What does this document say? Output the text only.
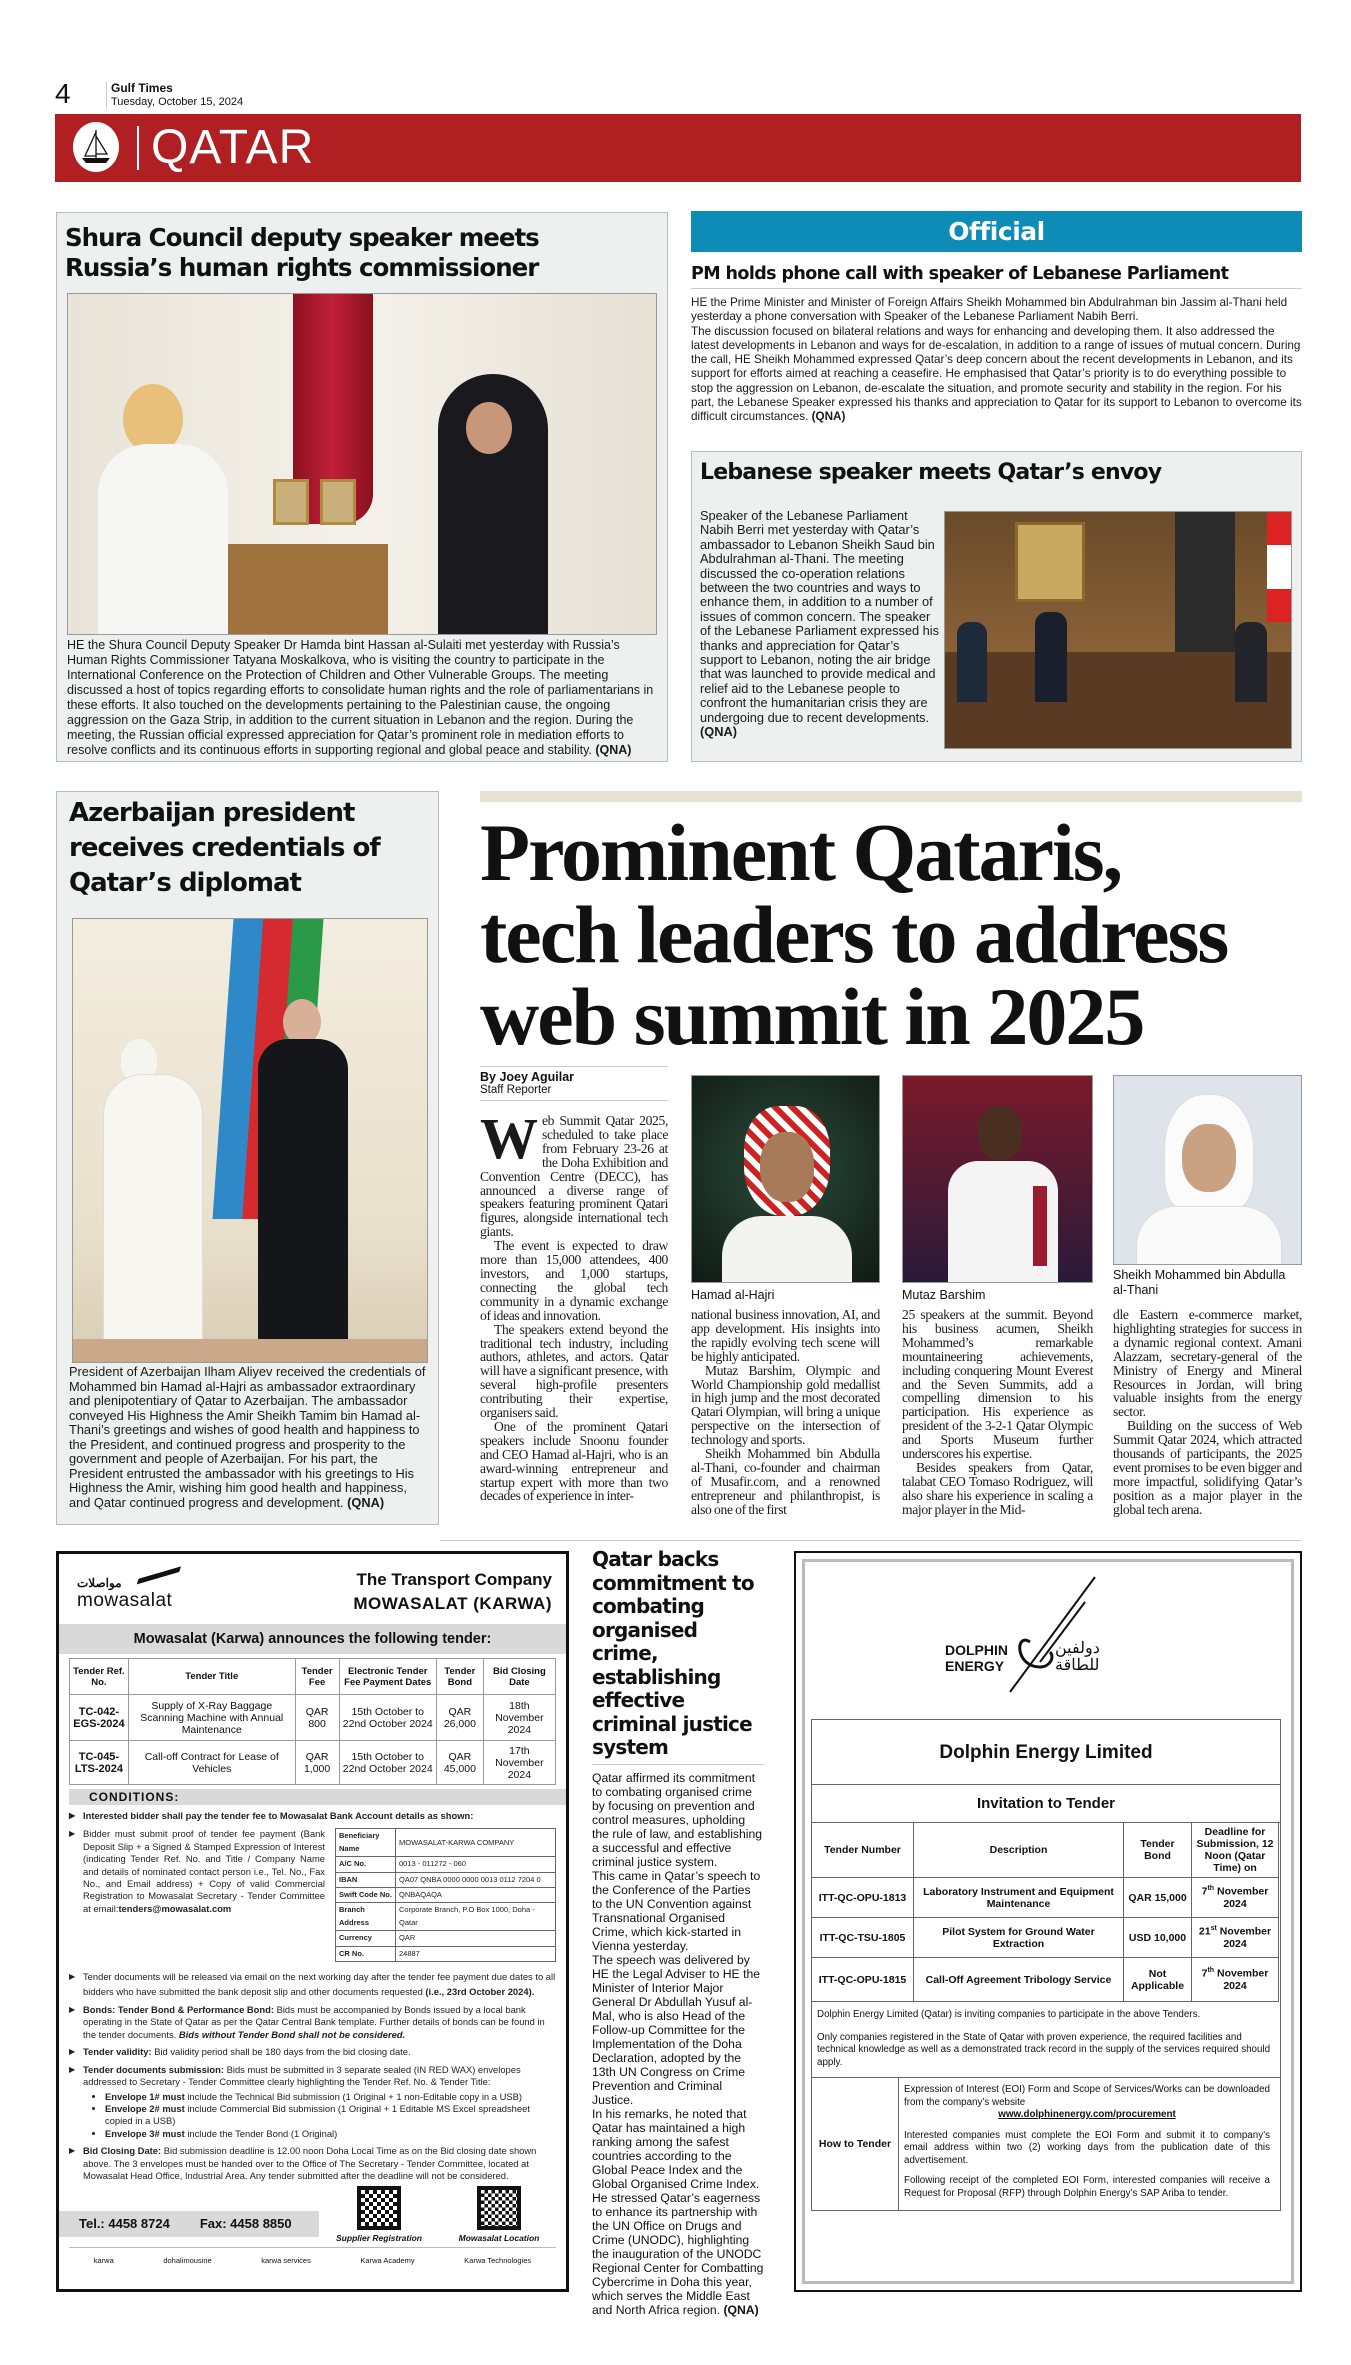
4	Gulf Times
Tuesday, October 15, 2024
QATAR
Shura Council deputy speaker meets
Russia’s human rights commissioner
HE the Shura Council Deputy Speaker Dr Hamda bint Hassan al-Sulaiti met yesterday with Russia’s Human Rights Commissioner Tatyana Moskalkova, who is visiting the country to participate in the International Conference on the Protection of Children and Other Vulnerable Groups. The meeting discussed a host of topics regarding efforts to consolidate human rights and the role of parliamentarians in these efforts. It also touched on the developments pertaining to the Palestinian cause, the ongoing aggression on the Gaza Strip, in addition to the current situation in Lebanon and the region. During the meeting, the Russian official expressed appreciation for Qatar’s prominent role in mediation efforts to resolve conflicts and its continuous efforts in supporting regional and global peace and stability. (QNA)
Official
PM holds phone call with speaker of Lebanese Parliament
HE the Prime Minister and Minister of Foreign Affairs Sheikh Mohammed bin Abdulrahman bin Jassim al-Thani held yesterday a phone conversation with Speaker of the Lebanese Parliament Nabih Berri.
The discussion focused on bilateral relations and ways for enhancing and developing them. It also addressed the latest developments in Lebanon and ways for de-escalation, in addition to a range of issues of mutual concern. During the call, HE Sheikh Mohammed expressed Qatar’s deep concern about the recent developments in Lebanon, and its support for efforts aimed at reaching a ceasefire. He emphasised that Qatar’s priority is to do everything possible to stop the aggression on Lebanon, de-escalate the situation, and promote security and stability in the region. For his part, the Lebanese Speaker expressed his thanks and appreciation to Qatar for its support to Lebanon to overcome its difficult circumstances. (QNA)
Lebanese speaker meets Qatar’s envoy
Speaker of the Lebanese Parliament Nabih Berri met yesterday with Qatar’s ambassador to Lebanon Sheikh Saud bin Abdulrahman al-Thani. The meeting discussed the co-operation relations between the two countries and ways to enhance them, in addition to a number of issues of common concern. The speaker of the Lebanese Parliament expressed his thanks and appreciation for Qatar’s support to Lebanon, noting the air bridge that was launched to provide medical and relief aid to the Lebanese people to confront the humanitarian crisis they are undergoing due to recent developments. (QNA)
Azerbaijan president receives credentials of Qatar’s diplomat
President of Azerbaijan Ilham Aliyev received the credentials of Mohammed bin Hamad al-Hajri as ambassador extraordinary and plenipotentiary of Qatar to Azerbaijan. The ambassador conveyed His Highness the Amir Sheikh Tamim bin Hamad al-Thani’s greetings and wishes of good health and happiness to the President, and continued progress and prosperity to the government and people of Azerbaijan. For his part, the President entrusted the ambassador with his greetings to His Highness the Amir, wishing him good health and happiness, and Qatar continued progress and development. (QNA)
Prominent Qataris, tech leaders to address web summit in 2025
By Joey Aguilar
Staff Reporter

Web Summit Qatar 2025, scheduled to take place from February 23-26 at the Doha Exhibition and Convention Centre (DECC), has announced a diverse range of speakers featuring prominent Qatari figures, alongside international tech giants.

The event is expected to draw more than 15,000 attendees, 400 investors, and 1,000 startups, connecting the global tech community in a dynamic exchange of ideas and innovation.

The speakers extend beyond the traditional tech industry, including authors, athletes, and actors. Qatar will have a significant presence, with several high-profile presenters contributing their expertise, organisers said.

One of the prominent Qatari speakers include Snoonu founder and CEO Hamad al-Hajri, who is an award-winning entrepreneur and startup expert with more than two decades of experience in inter-

Hamad al-Hajri	Mutaz Barshim
Sheikh Mohammed bin Abdulla al-Thani

national business innovation, AI, and app development. His insights into the rapidly evolving tech scene will be highly anticipated.

Mutaz Barshim, Olympic and World Championship gold medallist in high jump and the most decorated Qatari Olympian, will bring a unique perspective on the intersection of technology and sports.

Sheikh Mohammed bin Abdulla al-Thani, co-founder and chairman of Musafir.com, and a renowned entrepreneur and philanthropist, is also one of the first

25 speakers at the summit. Beyond his business acumen, Sheikh Mohammed’s remarkable mountaineering achievements, including conquering Mount Everest and the Seven Summits, add a compelling dimension to his participation. His experience as president of the 3-2-1 Qatar Olympic and Sports Museum further underscores his expertise.

Besides speakers from Qatar, talabat CEO Tomaso Rodriguez, will also share his experience in scaling a major player in the Mid-

dle Eastern e-commerce market, highlighting strategies for success in a dynamic regional context. Amani Alazzam, secretary-general of the Ministry of Energy and Mineral Resources in Jordan, will bring valuable insights from the energy sector.

Building on the success of Web Summit Qatar 2024, which attracted thousands of participants, the 2025 event promises to be even bigger and more impactful, solidifying Qatar’s position as a major player in the global tech arena.

مواصلات
mowasalat
The Transport Company
MOWASALAT (KARWA)
Mowasalat (Karwa) announces the following tender:
Tender Ref. No.	Tender Title	Tender Fee	Electronic Tender Fee Payment Dates	Tender Bond	Bid Closing Date
TC-042-EGS-2024	Supply of X-Ray Baggage Scanning Machine with Annual Maintenance	QAR 800	15th October to 22nd October 2024	QAR 26,000	18th November 2024
TC-045-LTS-2024	Call-off Contract for Lease of Vehicles	QAR 1,000	15th October to 22nd October 2024	QAR 45,000	17th November 2024
CONDITIONS:
▶ Interested bidder shall pay the tender fee to Mowasalat Bank Account details as shown:
▶ Bidder must submit proof of tender fee payment (Bank Deposit Slip + a Signed & Stamped Expression of Interest (indicating Tender Ref. No. and Title / Company Name and details of nominated contact person i.e., Tel. No., Fax No., and Email address) + Copy of valid Commercial Registration to Mowasalat Secretary - Tender Committee at email:tenders@mowasalat.com
Beneficiary Name	MOWASALAT-KARWA COMPANY
A/C No.	0013 - 011272 - 060
IBAN	QA07 QNBA 0000 0000 0013 0112 7204 0
Swift Code No.	QNBAQAQA
Branch Address	Corporate Branch, P.O Box 1000, Doha - Qatar
Currency	QAR
CR No.	24887
▶ Tender documents will be released via email on the next working day after the tender fee payment due dates to all bidders who have submitted the bank deposit slip and other documents requested (i.e., 23rd October 2024).
▶ Bonds: Tender Bond & Performance Bond: Bids must be accompanied by Bonds issued by a local bank operating in the State of Qatar as per the Qatar Central Bank template. Further details of bonds can be found in the tender documents. Bids without Tender Bond shall not be considered.
▶ Tender validity: Bid validity period shall be 180 days from the bid closing date.
▶ Tender documents submission: Bids must be submitted in 3 separate sealed (IN RED WAX) envelopes addressed to Secretary - Tender Committee clearly highlighting the Tender Ref. No. & Tender Title:
• Envelope 1# must include the Technical Bid submission (1 Original + 1 non-Editable copy in a USB)
• Envelope 2# must include Commercial Bid submission (1 Original + 1 Editable MS Excel spreadsheet copied in a USB)
• Envelope 3# must include the Tender Bond (1 Original)
▶ Bid Closing Date: Bid submission deadline is 12.00 noon Doha Local Time as on the Bid closing date shown above. The 3 envelopes must be handed over to the Office of The Secretary - Tender Committee, located at Mowasalat Head Office, Industrial Area. Any tender submitted after the deadline will not be considered.
Tel.: 4458 8724 Fax: 4458 8850
Supplier Registration	Mowasalat Location
karwa	dohalimousine	karwa services	Karwa Academy	Karwa Technologies
Qatar backs commitment to combating organised crime, establishing effective criminal justice system
Qatar affirmed its commitment to combating organised crime by focusing on prevention and control measures, upholding the rule of law, and establishing a successful and effective criminal justice system.
This came in Qatar’s speech to the Conference of the Parties to the UN Convention against Transnational Organised Crime, which kick-started in Vienna yesterday.
The speech was delivered by HE the Legal Adviser to HE the Minister of Interior Major General Dr Abdullah Yusuf al-Mal, who is also Head of the Follow-up Committee for the Implementation of the Doha Declaration, adopted by the 13th UN Congress on Crime Prevention and Criminal Justice.
In his remarks, he noted that Qatar has maintained a high ranking among the safest countries according to the Global Peace Index and the Global Organised Crime Index.
He stressed Qatar’s eagerness to enhance its partnership with the UN Office on Drugs and Crime (UNODC), highlighting the inauguration of the UNODC Regional Center for Combatting Cybercrime in Doha this year, which serves the Middle East and North Africa region. (QNA)
DOLPHIN
ENERGY
دولفين
للطاقة
Dolphin Energy Limited
Invitation to Tender
Tender Number	Description	Tender Bond	Deadline for Submission, 12 Noon (Qatar Time) on
ITT-QC-OPU-1813	Laboratory Instrument and Equipment Maintenance	QAR 15,000	7th November 2024
ITT-QC-TSU-1805	Pilot System for Ground Water Extraction	USD 10,000	21st November 2024
ITT-QC-OPU-1815	Call-Off Agreement Tribology Service	Not Applicable	7th November 2024

Dolphin Energy Limited (Qatar) is inviting companies to participate in the above Tenders.

Only companies registered in the State of Qatar with proven experience, the required facilities and technical knowledge as well as a demonstrated track record in the supply of the services required should apply.

How to Tender

Expression of Interest (EOI) Form and Scope of Services/Works can be downloaded from the company’s website

www.dolphinenergy.com/procurement

Interested companies must complete the EOI Form and submit it to company’s email address within two (2) working days from the publication date of this advertisement.

Following receipt of the completed EOI Form, interested companies will receive a Request for Proposal (RFP) through Dolphin Energy’s SAP Ariba to tender.
